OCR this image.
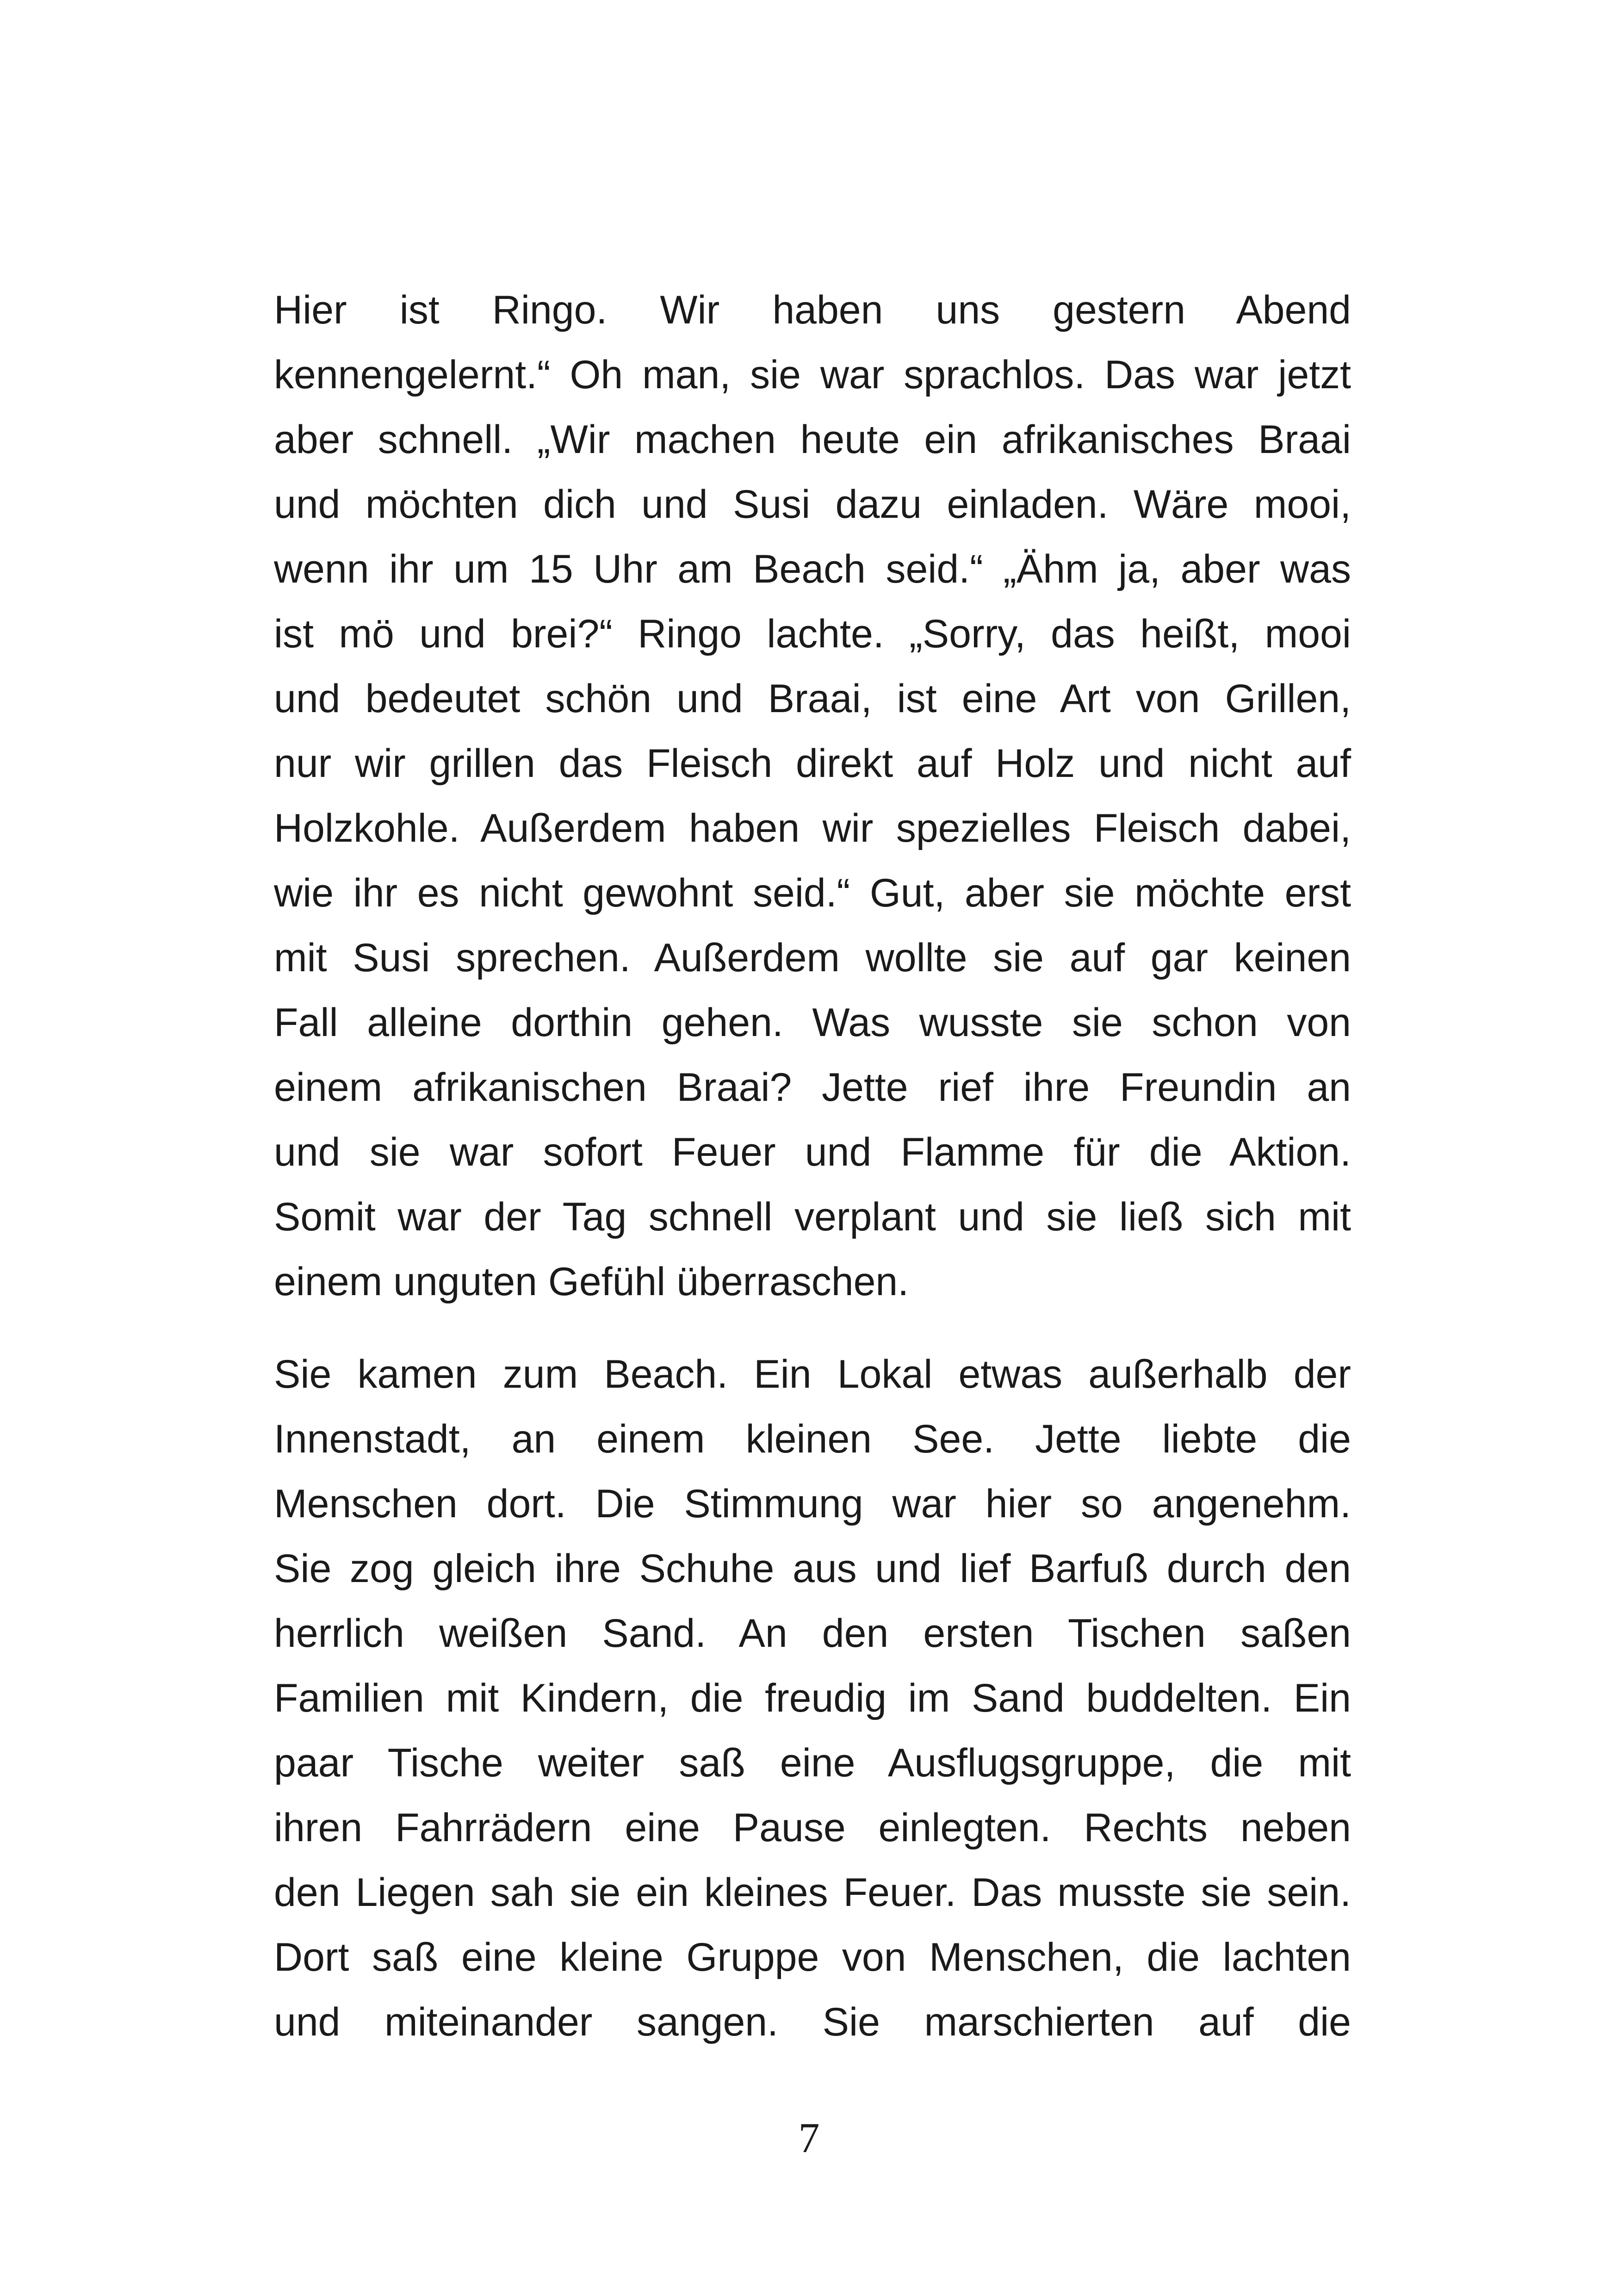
Hier ist Ringo. Wir haben uns gestern Abend
kennengelernt.“ Oh man, sie war sprachlos. Das war jetzt
aber schnell. „Wir machen heute ein afrikanisches Braai
und möchten dich und Susi dazu einladen. Wäre mooi,
wenn ihr um 15 Uhr am Beach seid.“ „Ähm ja, aber was
ist mö und brei?“ Ringo lachte. „Sorry, das heißt, mooi
und bedeutet schön und Braai, ist eine Art von Grillen,
nur wir grillen das Fleisch direkt auf Holz und nicht auf
Holzkohle. Außerdem haben wir spezielles Fleisch dabei,
wie ihr es nicht gewohnt seid.“ Gut, aber sie möchte erst
mit Susi sprechen. Außerdem wollte sie auf gar keinen
Fall alleine dorthin gehen. Was wusste sie schon von
einem afrikanischen Braai? Jette rief ihre Freundin an
und sie war sofort Feuer und Flamme für die Aktion.
Somit war der Tag schnell verplant und sie ließ sich mit
einem unguten Gefühl überraschen.
Sie kamen zum Beach. Ein Lokal etwas außerhalb der
Innenstadt, an einem kleinen See. Jette liebte die
Menschen dort. Die Stimmung war hier so angenehm.
Sie zog gleich ihre Schuhe aus und lief Barfuß durch den
herrlich weißen Sand. An den ersten Tischen saßen
Familien mit Kindern, die freudig im Sand buddelten. Ein
paar Tische weiter saß eine Ausflugsgruppe, die mit
ihren Fahrrädern eine Pause einlegten. Rechts neben
den Liegen sah sie ein kleines Feuer. Das musste sie sein.
Dort saß eine kleine Gruppe von Menschen, die lachten
und miteinander sangen. Sie marschierten auf die
7
